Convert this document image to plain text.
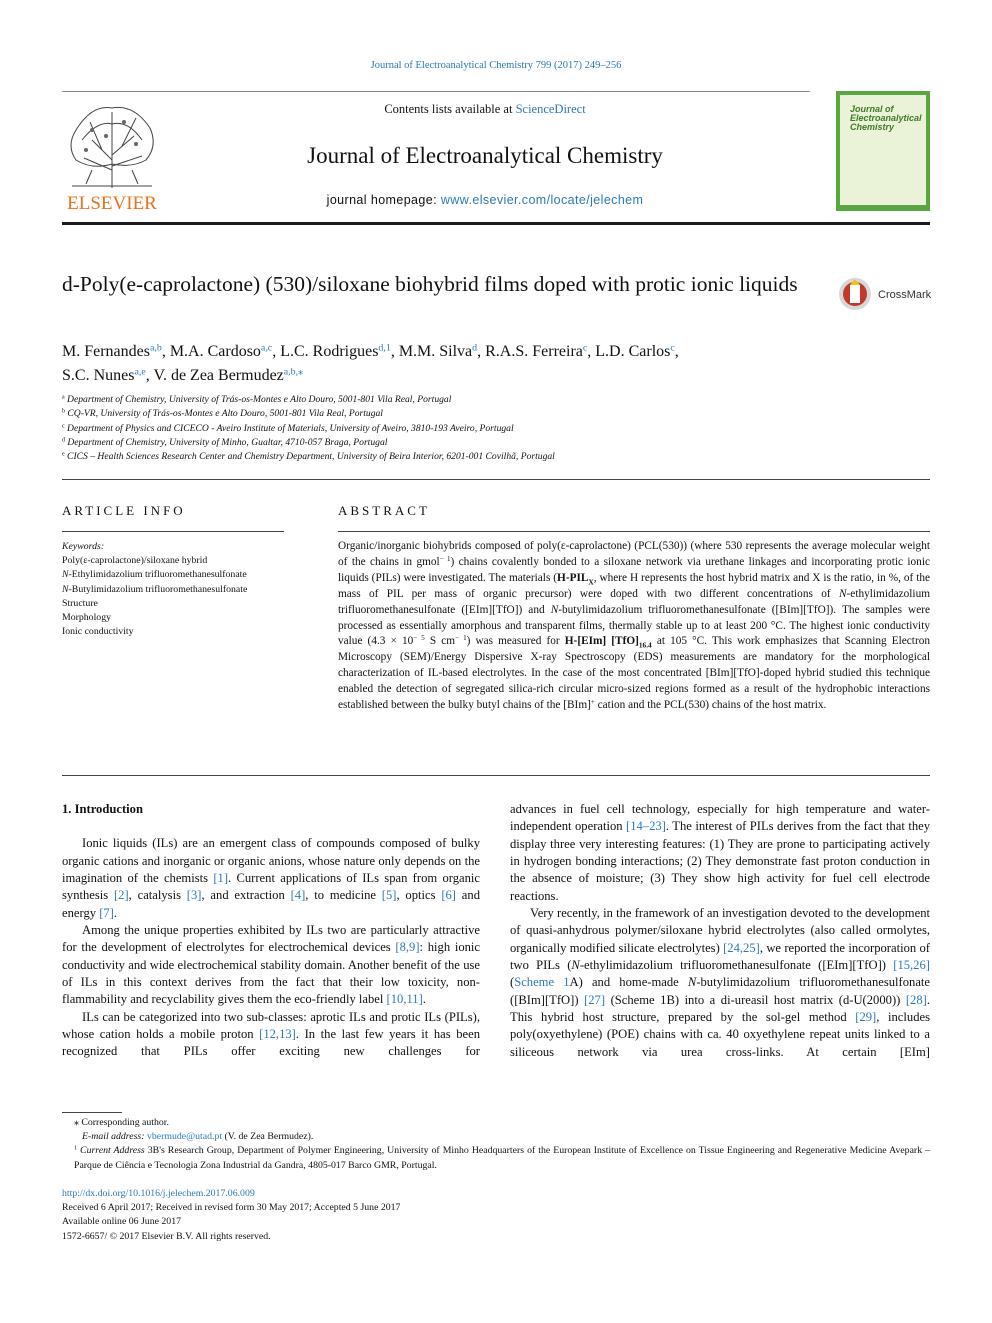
Journal of Electroanalytical Chemistry 799 (2017) 249–256
ELSEVIER
Contents lists available at ScienceDirect
Journal of Electroanalytical Chemistry
journal homepage: www.elsevier.com/locate/jelechem
Journal of Electroanalytical Chemistry
d-Poly(e-caprolactone) (530)/siloxane biohybrid films doped with protic ionic liquids	CrossMark
M. Fernandes$^{a,b}$, M.A. Cardoso$^{a,c}$, L.C. Rodrigues$^{d,1}$, M.M. Silva$^d$, R.A.S. Ferreira$^c$, L.D. Carlos$^c$,
S.C. Nunes$^{a,e}$, V. de Zea Bermudez$^{a,b,⁎}$
$^a$ Department of Chemistry, University of Trás-os-Montes e Alto Douro, 5001-801 Vila Real, Portugal
$^b$ CQ-VR, University of Trás-os-Montes e Alto Douro, 5001-801 Vila Real, Portugal
$^c$ Department of Physics and CICECO - Aveiro Institute of Materials, University of Aveiro, 3810-193 Aveiro, Portugal
$^d$ Department of Chemistry, University of Minho, Gualtar, 4710-057 Braga, Portugal
$^e$ CICS – Health Sciences Research Center and Chemistry Department, University of Beira Interior, 6201-001 Covilhã, Portugal
ARTICLE INFO
Keywords:
Poly(ε-caprolactone)/siloxane hybrid
N-Ethylimidazolium trifluoromethanesulfonate
N-Butylimidazolium trifluoromethanesulfonate
Structure
Morphology
Ionic conductivity
ABSTRACT
Organic/inorganic biohybrids composed of poly(ε-caprolactone) (PCL(530)) (where 530 represents the average molecular weight of the chains in gmol$^{- 1}$) chains covalently bonded to a siloxane network via urethane linkages and incorporating protic ionic liquids (PILs) were investigated. The materials ($H-PIL_X$, where H represents the host hybrid matrix and X is the ratio, in %, of the mass of PIL per mass of organic precursor) were doped with two different concentrations of N-ethylimidazolium trifluoromethanesulfonate ([EIm][TfO]) and N-butylimidazolium trifluoromethanesulfonate ([BIm][TfO]). The samples were processed as essentially amorphous and transparent films, thermally stable up to at least 200 °C. The highest ionic conductivity value ($4.3 \times 10^{- 5}$ S $cm^{- 1}$) was measured for H-[EIm] $[TfO]_{16.4}$ at 105 °C. This work emphasizes that Scanning Electron Microscopy (SEM)/Energy Dispersive X-ray Spectroscopy (EDS) measurements are mandatory for the morphological characterization of IL-based electrolytes. In the case of the most concentrated [BIm][TfO]-doped hybrid studied this technique enabled the detection of segregated silica-rich circular micro-sized regions formed as a result of the hydrophobic interactions established between the bulky butyl chains of the [BIm]+ cation and the PCL(530) chains of the host matrix.
1. Introduction

Ionic liquids (ILs) are an emergent class of compounds composed of bulky organic cations and inorganic or organic anions, whose nature only depends on the imagination of the chemists [1]. Current applications of ILs span from organic synthesis [2], catalysis [3], and extraction [4], to medicine [5], optics [6] and energy [7].

Among the unique properties exhibited by ILs two are particularly attractive for the development of electrolytes for electrochemical devices [8,9]: high ionic conductivity and wide electrochemical stability domain. Another benefit of the use of ILs in this context derives from the fact that their low toxicity, non-flammability and recyclability gives them the eco-friendly label [10,11].

ILs can be categorized into two sub-classes: aprotic ILs and protic ILs (PILs), whose cation holds a mobile proton [12,13]. In the last few years it has been recognized that PILs offer exciting new challenges for

advances in fuel cell technology, especially for high temperature and water-independent operation [14–23]. The interest of PILs derives from the fact that they display three very interesting features: (1) They are prone to participating actively in hydrogen bonding interactions; (2) They demonstrate fast proton conduction in the absence of moisture; (3) They show high activity for fuel cell electrode reactions.

Very recently, in the framework of an investigation devoted to the development of quasi-anhydrous polymer/siloxane hybrid electrolytes (also called ormolytes, organically modified silicate electrolytes) [24,25], we reported the incorporation of two PILs (N-ethylimidazolium trifluoromethanesulfonate ([EIm][TfO]) [15,26] (Scheme 1A) and home-made N-butylimidazolium trifluoromethanesulfonate ([BIm][TfO]) [27] (Scheme 1B) into a di-ureasil host matrix (d-U(2000)) [28]. This hybrid host structure, prepared by the sol-gel method [29], includes poly(oxyethylene) (POE) chains with ca. 40 oxyethylene repeat units linked to a siliceous network via urea cross-links. At certain [EIm]

⁎ Corresponding author.
E-mail address: vbermude@utad.pt (V. de Zea Bermudez).
$^1$ Current Address 3B's Research Group, Department of Polymer Engineering, University of Minho Headquarters of the European Institute of Excellence on Tissue Engineering and Regenerative Medicine Avepark – Parque de Ciência e Tecnologia Zona Industrial da Gandra, 4805-017 Barco GMR, Portugal.
http://dx.doi.org/10.1016/j.jelechem.2017.06.009
Received 6 April 2017; Received in revised form 30 May 2017; Accepted 5 June 2017
Available online 06 June 2017
1572-6657/ © 2017 Elsevier B.V. All rights reserved.
